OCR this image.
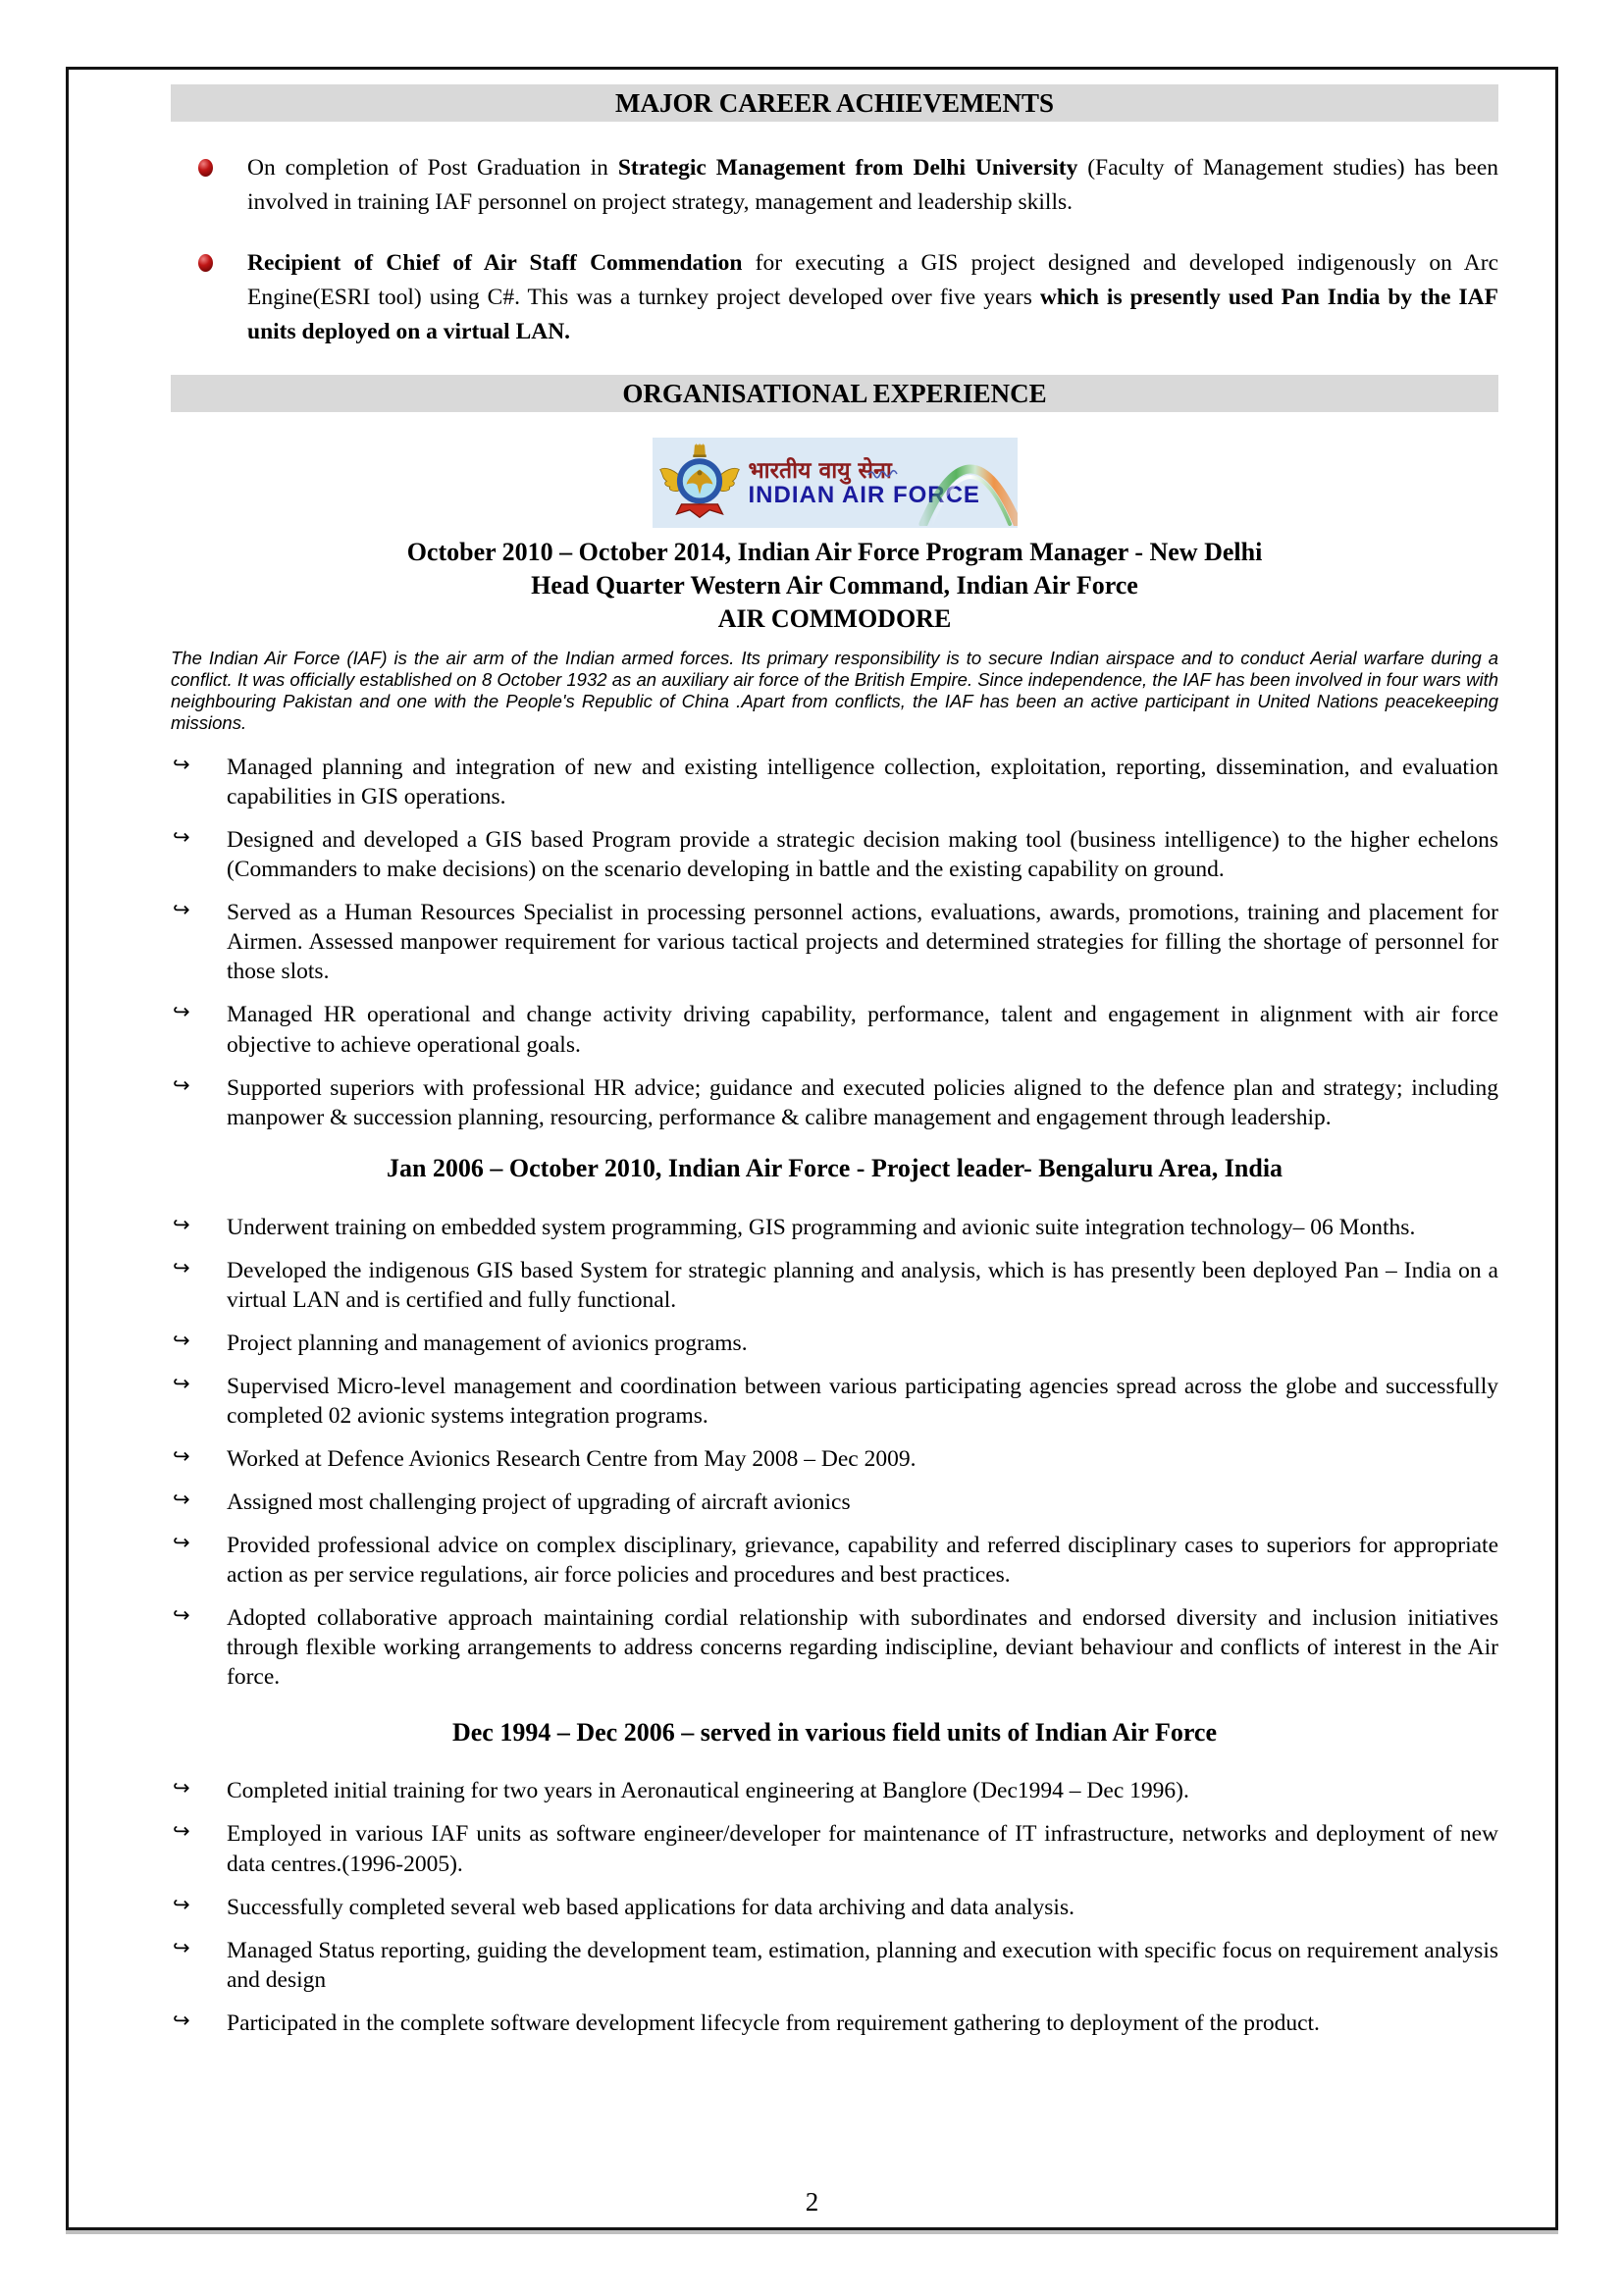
MAJOR CAREER ACHIEVEMENTS
On completion of Post Graduation in Strategic Management from Delhi University (Faculty of Management studies) has been involved in training IAF personnel on project strategy, management and leadership skills.
Recipient of Chief of Air Staff Commendation for executing a GIS project designed and developed indigenously on Arc Engine(ESRI tool) using C#. This was a turnkey project developed over five years which is presently used Pan India by the IAF units deployed on a virtual LAN.
ORGANISATIONAL EXPERIENCE
भारतीय वायु सेना
INDIAN AIR FORCE
October 2010 – October 2014, Indian Air Force Program Manager - New Delhi
Head Quarter Western Air Command, Indian Air Force
AIR COMMODORE

The Indian Air Force (IAF) is the air arm of the Indian armed forces. Its primary responsibility is to secure Indian airspace and to conduct Aerial warfare during a conflict. It was officially established on 8 October 1932 as an auxiliary air force of the British Empire. Since independence, the IAF has been involved in four wars with neighbouring Pakistan and one with the People's Republic of China .Apart from conflicts, the IAF has been an active participant in United Nations peacekeeping missions.

↪ Managed planning and integration of new and existing intelligence collection, exploitation, reporting, dissemination, and evaluation capabilities in GIS operations.
↪ Designed and developed a GIS based Program provide a strategic decision making tool (business intelligence) to the higher echelons (Commanders to make decisions) on the scenario developing in battle and the existing capability on ground.
↪ Served as a Human Resources Specialist in processing personnel actions, evaluations, awards, promotions, training and placement for Airmen. Assessed manpower requirement for various tactical projects and determined strategies for filling the shortage of personnel for those slots.
↪ Managed HR operational and change activity driving capability, performance, talent and engagement in alignment with air force objective to achieve operational goals.
↪ Supported superiors with professional HR advice; guidance and executed policies aligned to the defence plan and strategy; including manpower & succession planning, resourcing, performance & calibre management and engagement through leadership.
Jan 2006 – October 2010, Indian Air Force - Project leader- Bengaluru Area, India
↪ Underwent training on embedded system programming, GIS programming and avionic suite integration technology– 06 Months.
↪ Developed the indigenous GIS based System for strategic planning and analysis, which is has presently been deployed Pan – India on a virtual LAN and is certified and fully functional.
↪ Project planning and management of avionics programs.
↪ Supervised Micro-level management and coordination between various participating agencies spread across the globe and successfully completed 02 avionic systems integration programs.
↪ Worked at Defence Avionics Research Centre from May 2008 – Dec 2009.
↪ Assigned most challenging project of upgrading of aircraft avionics
↪ Provided professional advice on complex disciplinary, grievance, capability and referred disciplinary cases to superiors for appropriate action as per service regulations, air force policies and procedures and best practices.
↪ Adopted collaborative approach maintaining cordial relationship with subordinates and endorsed diversity and inclusion initiatives through flexible working arrangements to address concerns regarding indiscipline, deviant behaviour and conflicts of interest in the Air force.
Dec 1994 – Dec 2006 – served in various field units of Indian Air Force
↪ Completed initial training for two years in Aeronautical engineering at Banglore (Dec1994 – Dec 1996).
↪ Employed in various IAF units as software engineer/developer for maintenance of IT infrastructure, networks and deployment of new data centres.(1996-2005).
↪ Successfully completed several web based applications for data archiving and data analysis.
↪ Managed Status reporting, guiding the development team, estimation, planning and execution with specific focus on requirement analysis and design
↪ Participated in the complete software development lifecycle from requirement gathering to deployment of the product.
2
